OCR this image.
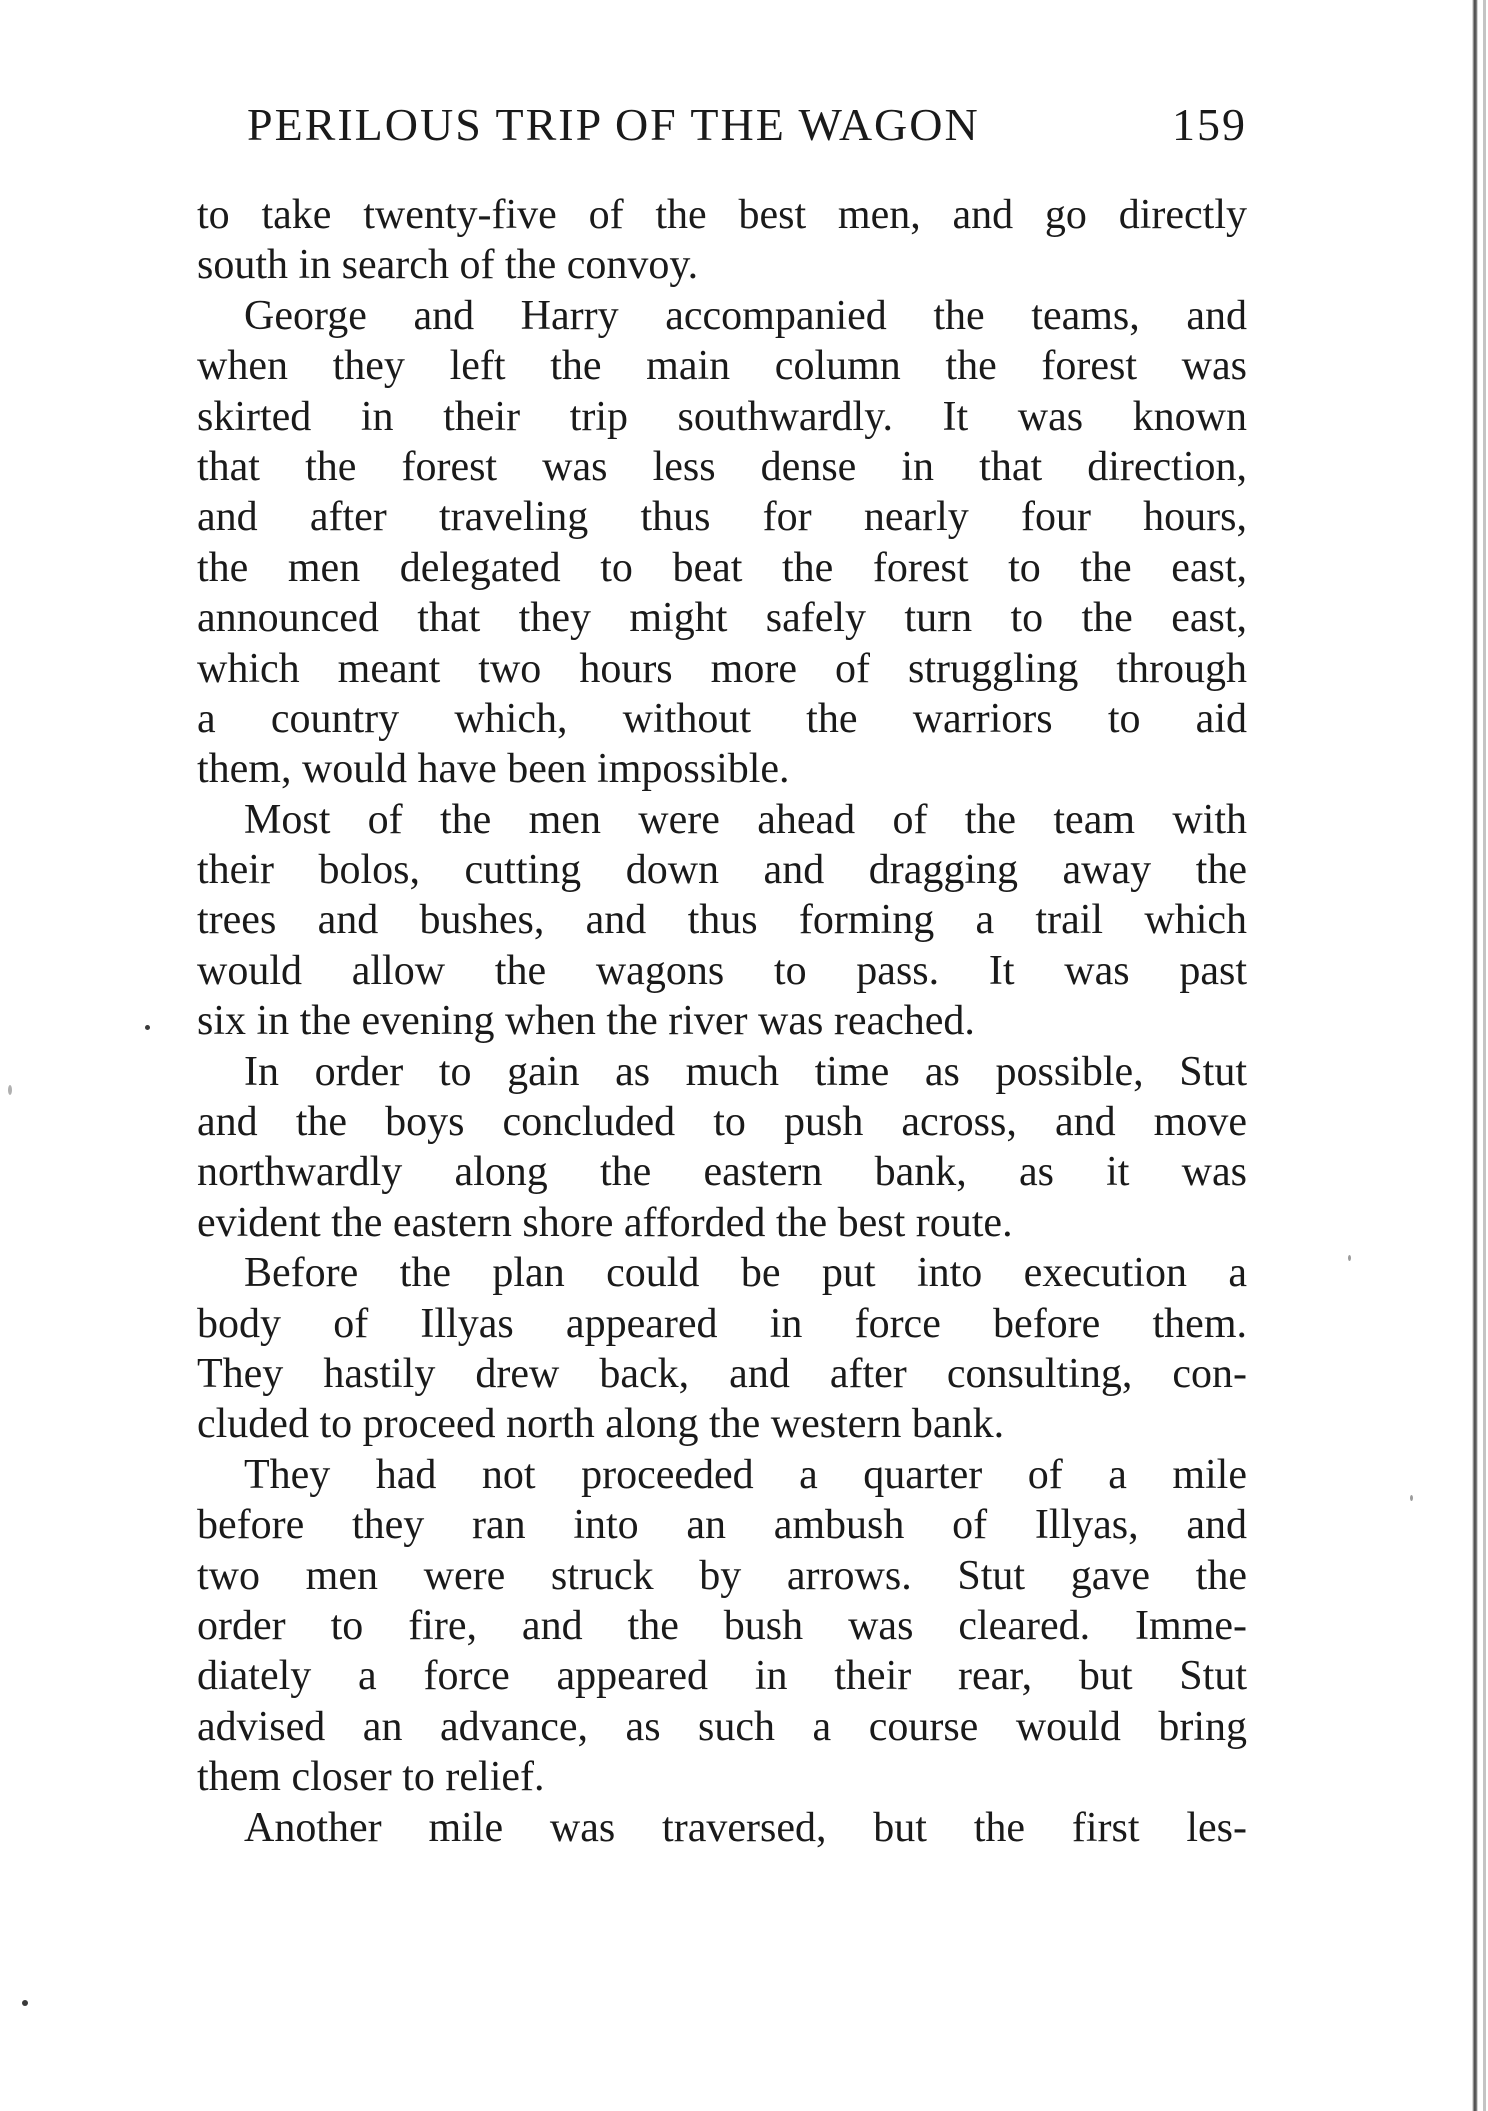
PERILOUS TRIP OF THE WAGON	159
to take twenty-five of the best men, and go directly
south in search of the convoy.
George and Harry accompanied the teams, and
when they left the main column the forest was
skirted in their trip southwardly. It was known
that the forest was less dense in that direction,
and after traveling thus for nearly four hours,
the men delegated to beat the forest to the east,
announced that they might safely turn to the east,
which meant two hours more of struggling through
a country which, without the warriors to aid
them, would have been impossible.
Most of the men were ahead of the team with
their bolos, cutting down and dragging away the
trees and bushes, and thus forming a trail which
would allow the wagons to pass. It was past
six in the evening when the river was reached.
In order to gain as much time as possible, Stut
and the boys concluded to push across, and move
northwardly along the eastern bank, as it was
evident the eastern shore afforded the best route.
Before the plan could be put into execution a
body of Illyas appeared in force before them.
They hastily drew back, and after consulting, con-
cluded to proceed north along the western bank.
They had not proceeded a quarter of a mile
before they ran into an ambush of Illyas, and
two men were struck by arrows. Stut gave the
order to fire, and the bush was cleared. Imme-
diately a force appeared in their rear, but Stut
advised an advance, as such a course would bring
them closer to relief.
Another mile was traversed, but the first les-
